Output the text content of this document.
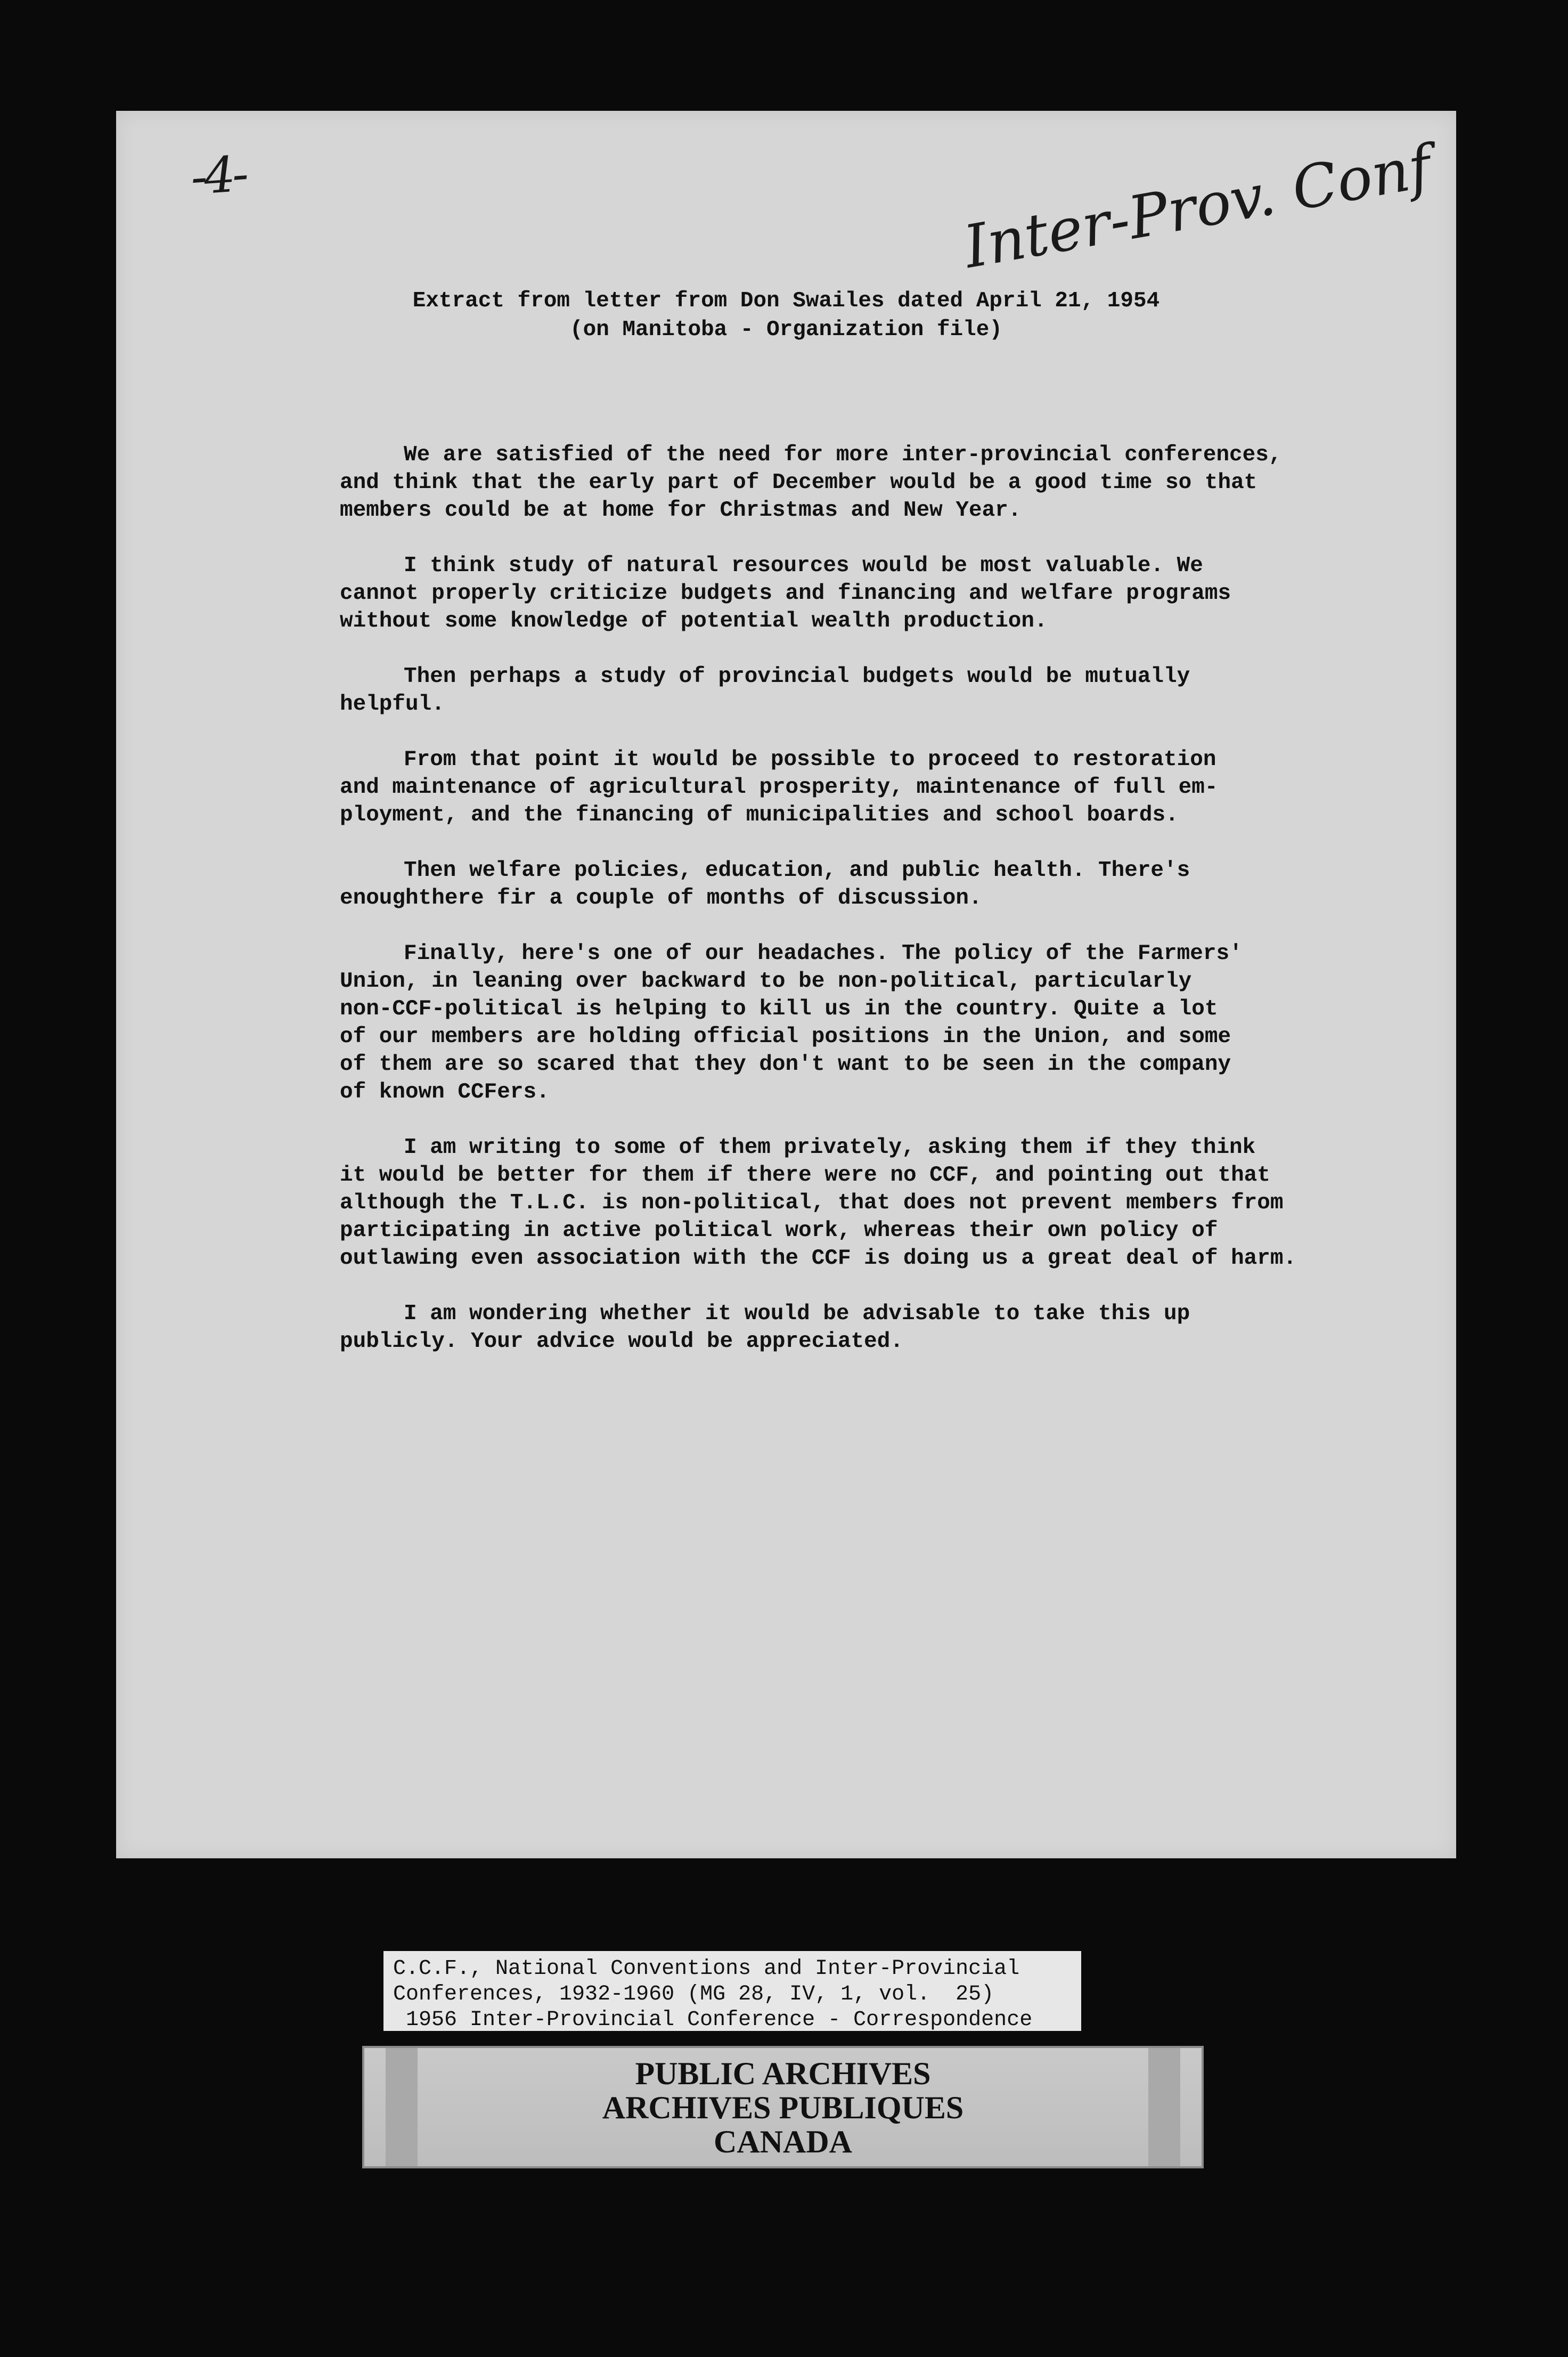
-4-	Inter-Prov. Conf
Extract from letter from Don Swailes dated April 21, 1954
(on Manitoba - Organization file)

We are satisfied of the need for more inter-provincial conferences,
and think that the early part of December would be a good time so that
members could be at home for Christmas and New Year.

I think study of natural resources would be most valuable. We
cannot properly criticize budgets and financing and welfare programs
without some knowledge of potential wealth production.

Then perhaps a study of provincial budgets would be mutually
helpful.

From that point it would be possible to proceed to restoration
and maintenance of agricultural prosperity, maintenance of full em-
ployment, and the financing of municipalities and school boards.

Then welfare policies, education, and public health. There's
enoughthere fir a couple of months of discussion.

Finally, here's one of our headaches. The policy of the Farmers'
Union, in leaning over backward to be non-political, particularly
non-CCF-political is helping to kill us in the country. Quite a lot
of our members are holding official positions in the Union, and some
of them are so scared that they don't want to be seen in the company
of known CCFers.

I am writing to some of them privately, asking them if they think
it would be better for them if there were no CCF, and pointing out that
although the T.L.C. is non-political, that does not prevent members from
participating in active political work, whereas their own policy of
outlawing even association with the CCF is doing us a great deal of harm.

I am wondering whether it would be advisable to take this up
publicly. Your advice would be appreciated.

C.C.F., National Conventions and Inter-Provincial
Conferences, 1932-1960 (MG 28, IV, 1, vol.  25)
1956 Inter-Provincial Conference - Correspondence
PUBLIC ARCHIVES
ARCHIVES PUBLIQUES
CANADA
